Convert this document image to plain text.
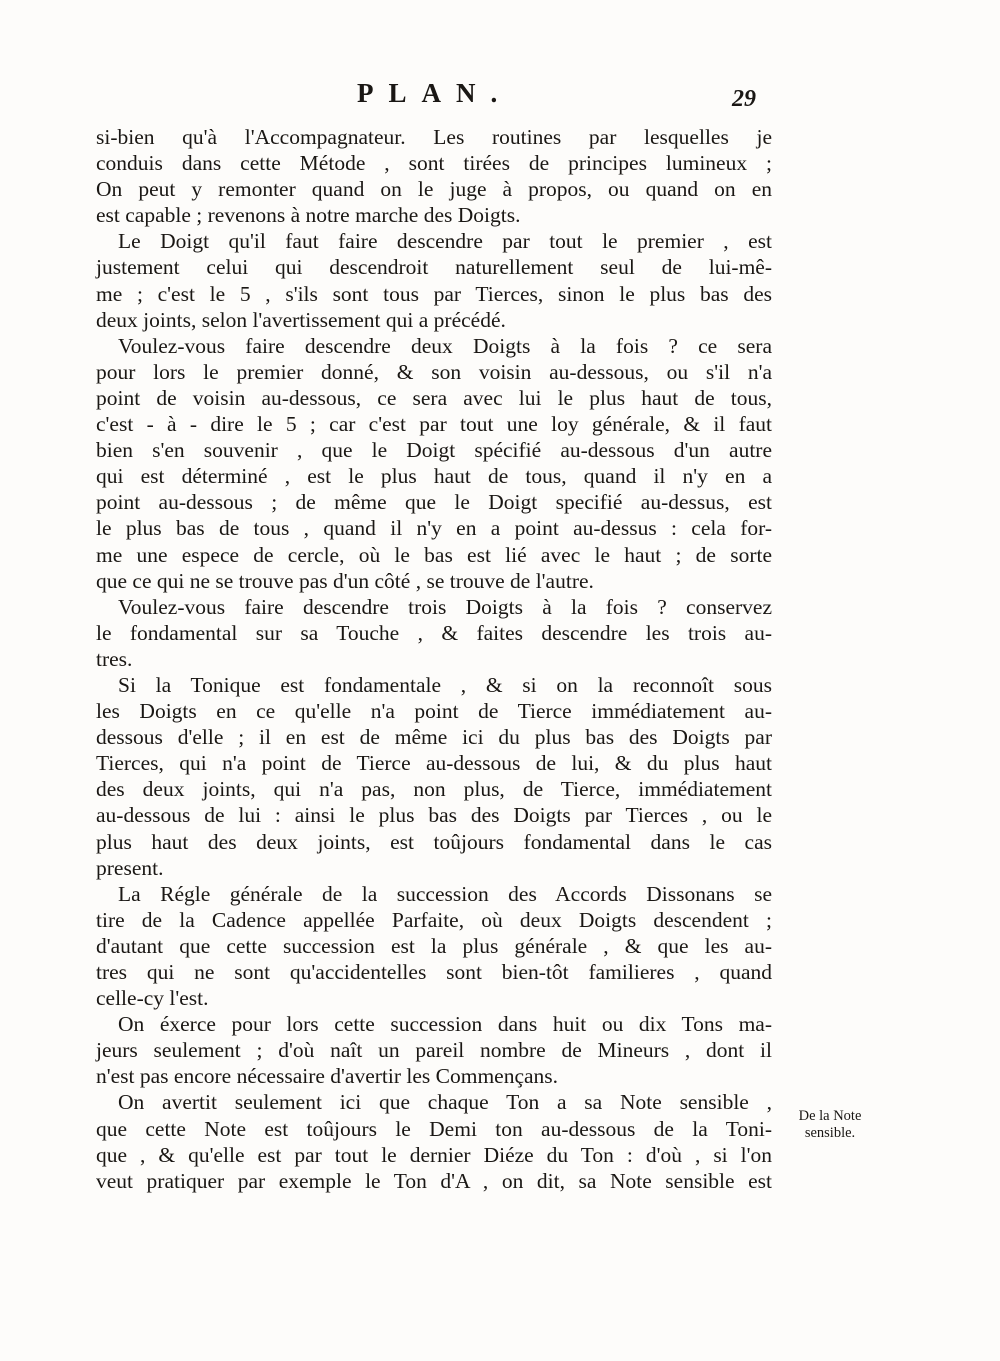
PLAN.	29
si-bien qu'à l'Accompagnateur. Les routines par lesquelles je
conduis dans cette Métode , sont tirées de principes lumineux ;
On peut y remonter quand on le juge à propos, ou quand on en
est capable ; revenons à notre marche des Doigts.
Le Doigt qu'il faut faire descendre par tout le premier , est
justement celui qui descendroit naturellement seul de lui-mê-
me ; c'est le 5 , s'ils sont tous par Tierces, sinon le plus bas des
deux joints, selon l'avertissement qui a précédé.
Voulez-vous faire descendre deux Doigts à la fois ? ce sera
pour lors le premier donné, & son voisin au-dessous, ou s'il n'a
point de voisin au-dessous, ce sera avec lui le plus haut de tous,
c'est - à - dire le 5 ; car c'est par tout une loy générale, & il faut
bien s'en souvenir , que le Doigt spécifié au-dessous d'un autre
qui est déterminé , est le plus haut de tous, quand il n'y en a
point au-dessous ; de même que le Doigt specifié au-dessus, est
le plus bas de tous , quand il n'y en a point au-dessus : cela for-
me une espece de cercle, où le bas est lié avec le haut ; de sorte
que ce qui ne se trouve pas d'un côté , se trouve de l'autre.
Voulez-vous faire descendre trois Doigts à la fois ? conservez
le fondamental sur sa Touche , & faites descendre les trois au-
tres.
Si la Tonique est fondamentale , & si on la reconnoît sous
les Doigts en ce qu'elle n'a point de Tierce immédiatement au-
dessous d'elle ; il en est de même ici du plus bas des Doigts par
Tierces, qui n'a point de Tierce au-dessous de lui, & du plus haut
des deux joints, qui n'a pas, non plus, de Tierce, immédiatement
au-dessous de lui : ainsi le plus bas des Doigts par Tierces , ou le
plus haut des deux joints, est toûjours fondamental dans le cas
present.
La Régle générale de la succession des Accords Dissonans se
tire de la Cadence appellée Parfaite, où deux Doigts descendent ;
d'autant que cette succession est la plus générale , & que les au-
tres qui ne sont qu'accidentelles sont bien-tôt familieres , quand
celle-cy l'est.
On éxerce pour lors cette succession dans huit ou dix Tons ma-
jeurs seulement ; d'où naît un pareil nombre de Mineurs , dont il
n'est pas encore nécessaire d'avertir les Commençans.
On avertit seulement ici que chaque Ton a sa Note sensible ,
que cette Note est toûjours le Demi ton au-dessous de la Toni-
que , & qu'elle est par tout le dernier Diéze du Ton : d'où , si l'on
veut pratiquer par exemple le Ton d'A , on dit, sa Note sensible est
De la Note
sensible.
